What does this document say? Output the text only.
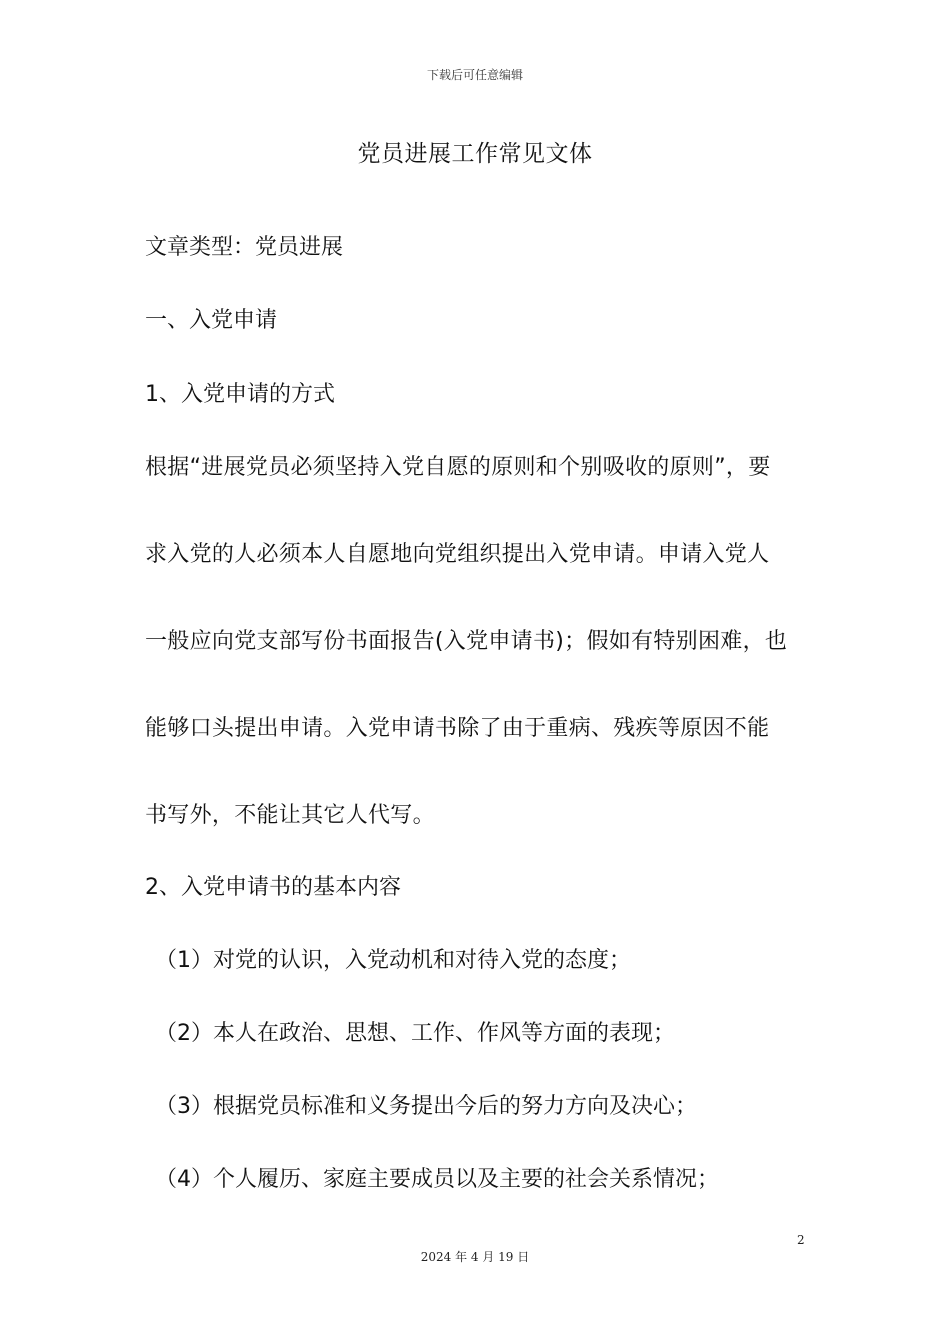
下载后可任意编辑
党员进展工作常见文体
文章类型：党员进展
一、入党申请
1、入党申请的方式
根据“进展党员必须坚持入党自愿的原则和个别吸收的原则”，要
求入党的人必须本人自愿地向党组织提出入党申请。申请入党人
一般应向党支部写份书面报告(入党申请书)；假如有特别困难，也
能够口头提出申请。入党申请书除了由于重病、残疾等原因不能
书写外，不能让其它人代写。
2、入党申请书的基本内容
（1）对党的认识，入党动机和对待入党的态度；
（2）本人在政治、思想、工作、作风等方面的表现；
（3）根据党员标准和义务提出今后的努力方向及决心；
（4）个人履历、家庭主要成员以及主要的社会关系情况；
2
2024 年 4 月 19 日
